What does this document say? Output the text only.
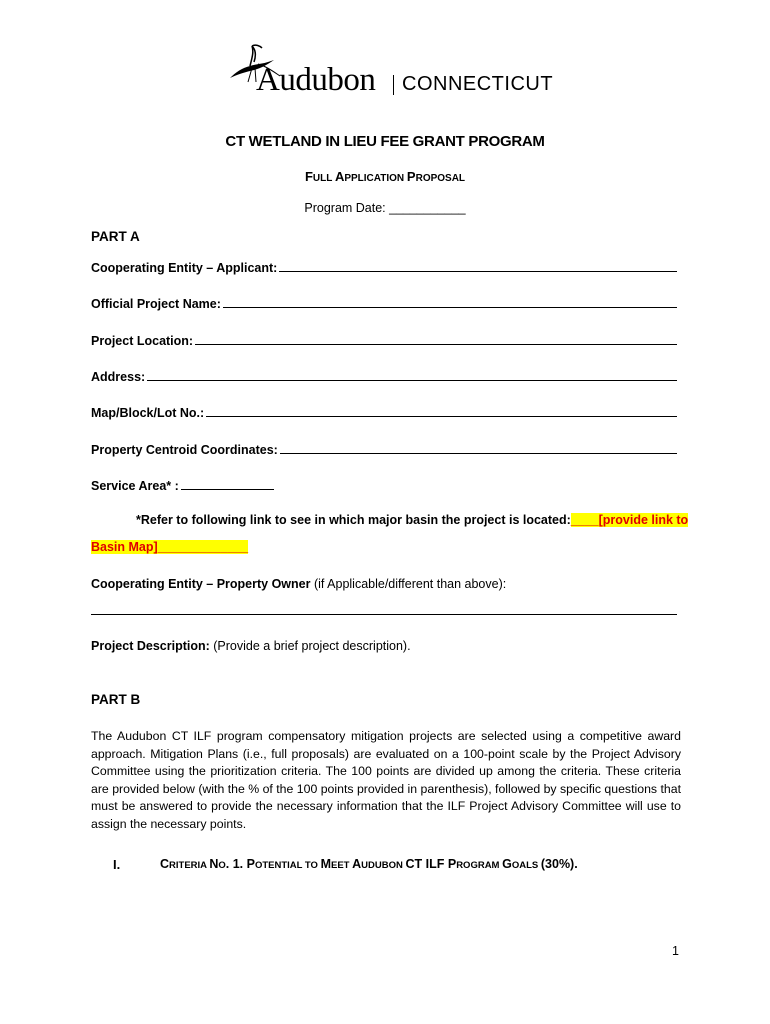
Audubon CONNECTICUT
CT WETLAND IN LIEU FEE GRANT PROGRAM
FULL APPLICATION PROPOSAL
Program Date: ___________
PART A
Cooperating Entity – Applicant:
Official Project Name:
Project Location:
Address:
Map/Block/Lot No.:
Property Centroid Coordinates:
Service Area* :
*Refer to following link to see in which major basin the project is located:____[provide link to
Basin Map]_____________
Cooperating Entity – Property Owner (if Applicable/different than above):
Project Description: (Provide a brief project description).
PART B
The Audubon CT ILF program compensatory mitigation projects are selected using a competitive award approach. Mitigation Plans (i.e., full proposals) are evaluated on a 100-point scale by the Project Advisory Committee using the prioritization criteria. The 100 points are divided up among the criteria. These criteria are provided below (with the % of the 100 points provided in parenthesis), followed by specific questions that must be answered to provide the necessary information that the ILF Project Advisory Committee will use to assign the necessary points.
I.	CRITERIA NO. 1. POTENTIAL TO MEET AUDUBON CT ILF PROGRAM GOALS (30%).
1
